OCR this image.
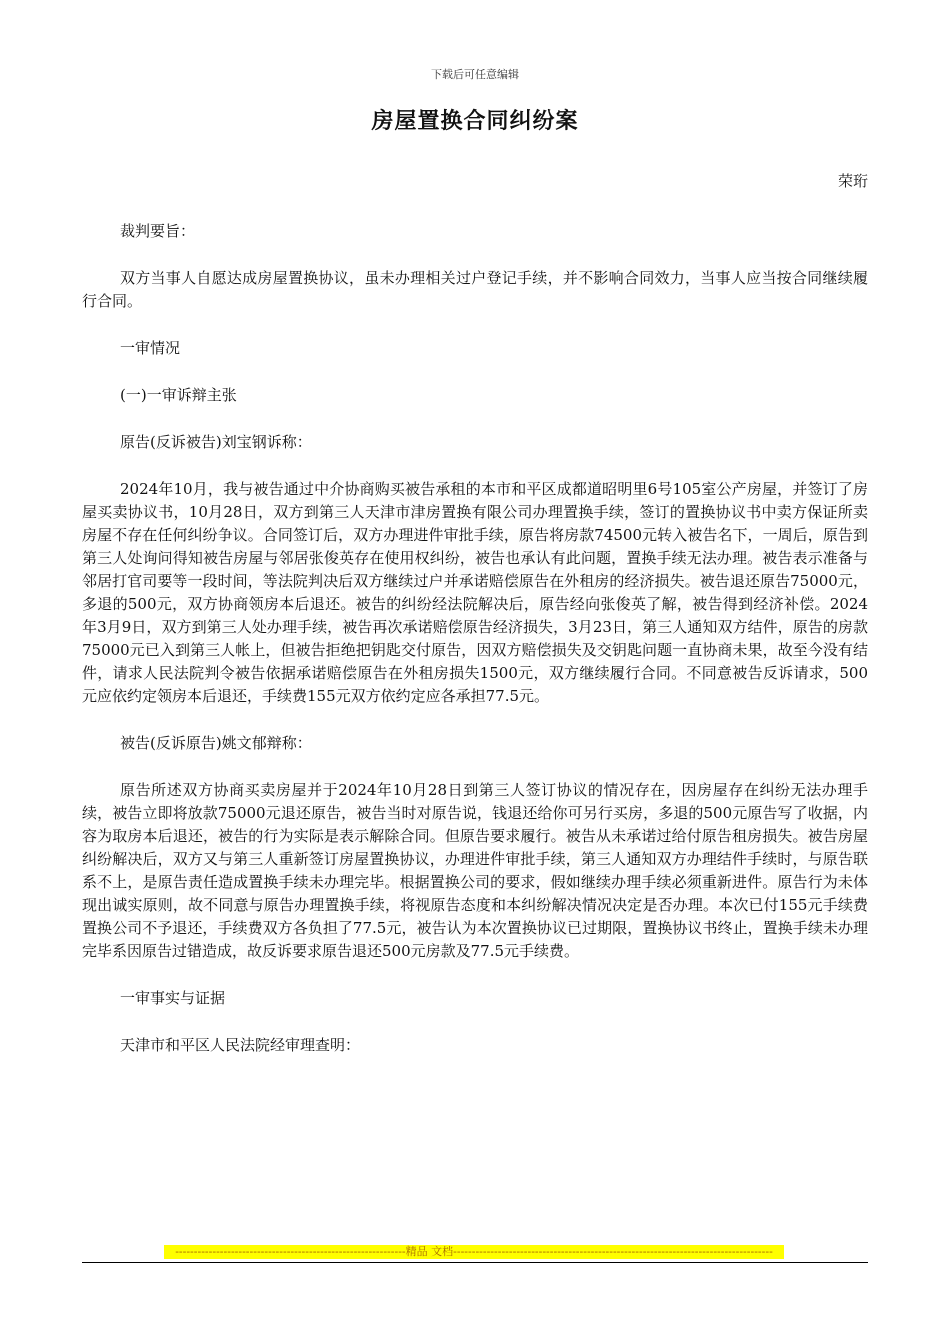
下载后可任意编辑
房屋置换合同纠纷案
荣珩

裁判要旨：

双方当事人自愿达成房屋置换协议，虽未办理相关过户登记手续，并不影响合同效力，当事人应当按合同继续履行合同。

一审情况

(一)一审诉辩主张

原告(反诉被告)刘宝钢诉称：

2024年10月，我与被告通过中介协商购买被告承租的本市和平区成都道昭明里6号105室公产房屋，并签订了房屋买卖协议书，10月28日，双方到第三人天津市津房置换有限公司办理置换手续，签订的置换协议书中卖方保证所卖房屋不存在任何纠纷争议。合同签订后，双方办理进件审批手续，原告将房款74500元转入被告名下，一周后，原告到第三人处询问得知被告房屋与邻居张俊英存在使用权纠纷，被告也承认有此问题，置换手续无法办理。被告表示准备与邻居打官司要等一段时间，等法院判决后双方继续过户并承诺赔偿原告在外租房的经济损失。被告退还原告75000元，多退的500元，双方协商领房本后退还。被告的纠纷经法院解决后，原告经向张俊英了解，被告得到经济补偿。2024年3月9日，双方到第三人处办理手续，被告再次承诺赔偿原告经济损失，3月23日，第三人通知双方结件，原告的房款75000元已入到第三人帐上，但被告拒绝把钥匙交付原告，因双方赔偿损失及交钥匙问题一直协商未果，故至今没有结件，请求人民法院判令被告依据承诺赔偿原告在外租房损失1500元，双方继续履行合同。不同意被告反诉请求，500元应依约定领房本后退还，手续费155元双方依约定应各承担77.5元。

被告(反诉原告)姚文郁辩称：

原告所述双方协商买卖房屋并于2024年10月28日到第三人签订协议的情况存在，因房屋存在纠纷无法办理手续，被告立即将放款75000元退还原告，被告当时对原告说，钱退还给你可另行买房，多退的500元原告写了收据，内容为取房本后退还，被告的行为实际是表示解除合同。但原告要求履行。被告从未承诺过给付原告租房损失。被告房屋纠纷解决后，双方又与第三人重新签订房屋置换协议，办理进件审批手续，第三人通知双方办理结件手续时，与原告联系不上，是原告责任造成置换手续未办理完毕。根据置换公司的要求，假如继续办理手续必须重新进件。原告行为未体现出诚实原则，故不同意与原告办理置换手续，将视原告态度和本纠纷解决情况决定是否办理。本次已付155元手续费置换公司不予退还，手续费双方各负担了77.5元，被告认为本次置换协议已过期限，置换协议书终止，置换手续未办理完毕系因原告过错造成，故反诉要求原告退还500元房款及77.5元手续费。

一审事实与证据

天津市和平区人民法院经审理查明：

--------------------------------------------------------------精品 文档--------------------------------------------------------------------------------------
